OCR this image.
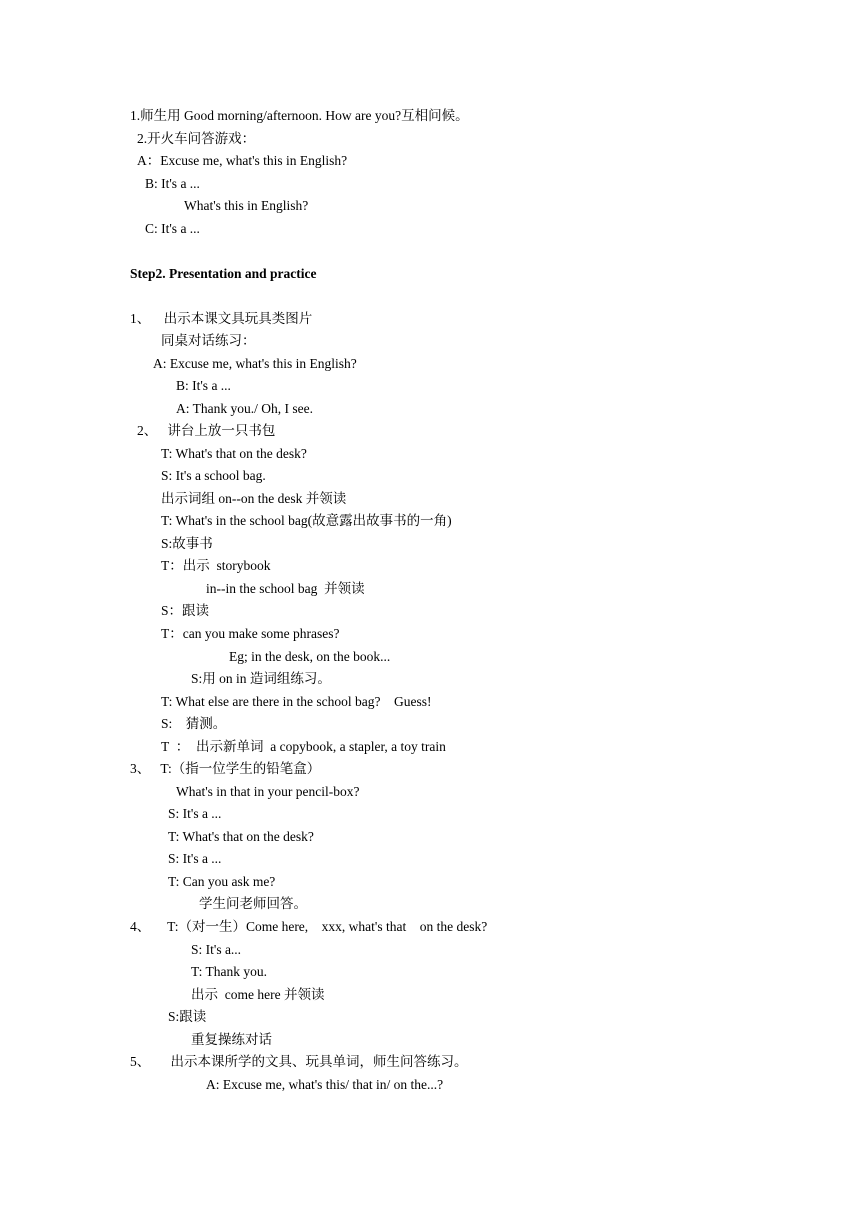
1.师生用 Good morning/afternoon. How are you?互相问候。
2.开火车问答游戏：
A：Excuse me, what's this in English?
B: It's a ...
What's this in English?
C: It's a ...
Step2. Presentation and practice
1、    出示本课文具玩具类图片
同桌对话练习：
A: Excuse me, what's this in English?
B: It's a ...
A: Thank you./ Oh, I see.
2、   讲台上放一只书包
T: What's that on the desk?
S: It's a school bag.
出示词组 on--on the desk 并领读
T: What's in the school bag(故意露出故事书的一角)
S:故事书
T：出示  storybook
in--in the school bag  并领读
S：跟读
T：can you make some phrases?
Eg; in the desk, on the book...
S:用 on in 造词组练习。
T: What else are there in the school bag?    Guess!
S:    猜测。
T  ：  出示新单词  a copybook, a stapler, a toy train
3、   T:（指一位学生的铅笔盒）
What's in that in your pencil-box?
S: It's a ...
T: What's that on the desk?
S: It's a ...
T: Can you ask me?
学生问老师回答。
4、     T:（对一生）Come here,    xxx, what's that    on the desk?
S: It's a...
T: Thank you.
出示  come here 并领读
S:跟读
重复操练对话
5、      出示本课所学的文具、玩具单词，师生问答练习。
A: Excuse me, what's this/ that in/ on the...?
